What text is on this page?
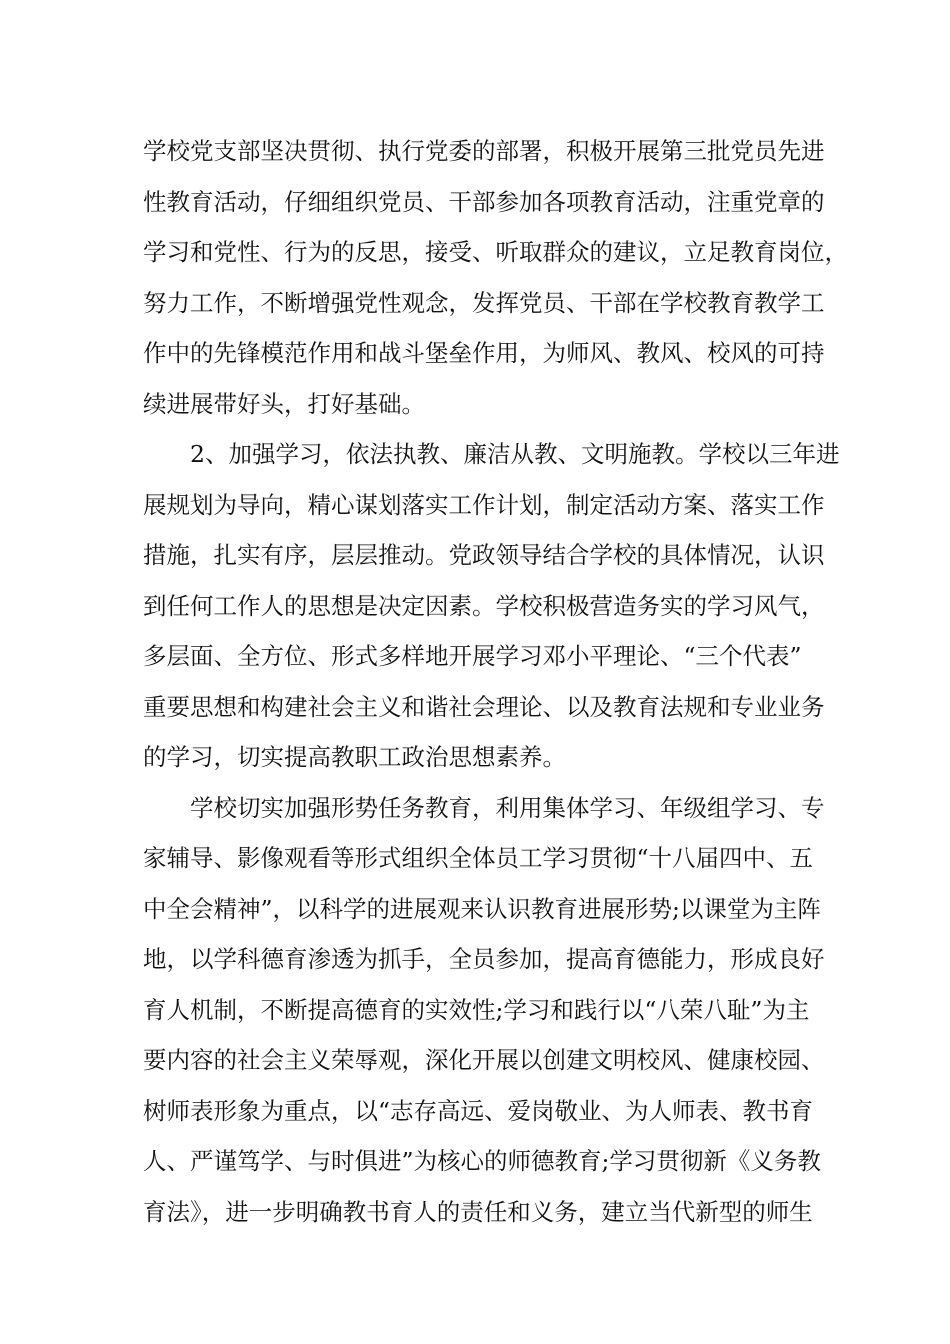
学校党支部坚决贯彻、执行党委的部署，积极开展第三批党员先进
性教育活动，仔细组织党员、干部参加各项教育活动，注重党章的
学习和党性、行为的反思，接受、听取群众的建议，立足教育岗位，
努力工作，不断增强党性观念，发挥党员、干部在学校教育教学工
作中的先锋模范作用和战斗堡垒作用，为师风、教风、校风的可持
续进展带好头，打好基础。
2、加强学习，依法执教、廉洁从教、文明施教。学校以三年进
展规划为导向，精心谋划落实工作计划，制定活动方案、落实工作
措施，扎实有序，层层推动。党政领导结合学校的具体情况，认识
到任何工作人的思想是决定因素。学校积极营造务实的学习风气，
多层面、全方位、形式多样地开展学习邓小平理论、“三个代表”
重要思想和构建社会主义和谐社会理论、以及教育法规和专业业务
的学习，切实提高教职工政治思想素养。
学校切实加强形势任务教育，利用集体学习、年级组学习、专
家辅导、影像观看等形式组织全体员工学习贯彻“十八届四中、五
中全会精神”，以科学的进展观来认识教育进展形势;以课堂为主阵
地，以学科德育渗透为抓手，全员参加，提高育德能力，形成良好
育人机制，不断提高德育的实效性;学习和践行以“八荣八耻”为主
要内容的社会主义荣辱观，深化开展以创建文明校风、健康校园、
树师表形象为重点，以“志存高远、爱岗敬业、为人师表、教书育
人、严谨笃学、与时俱进”为核心的师德教育;学习贯彻新《义务教
育法》，进一步明确教书育人的责任和义务，建立当代新型的师生
